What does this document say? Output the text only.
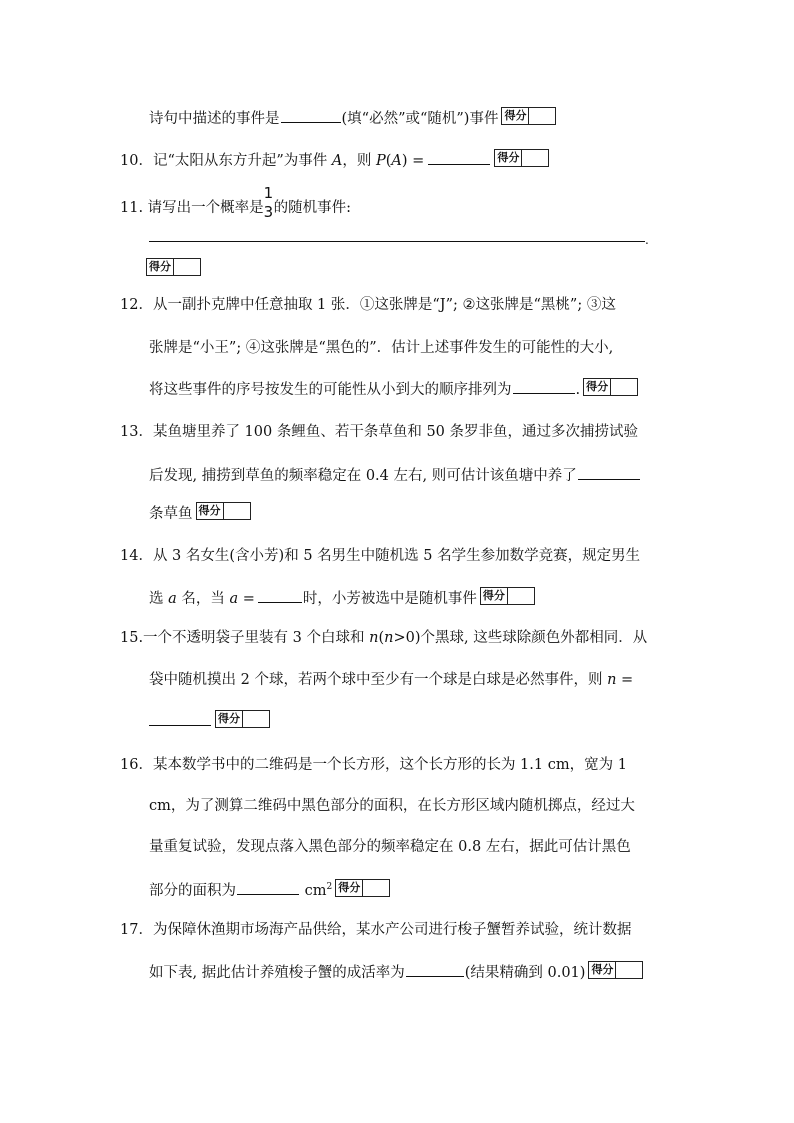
诗句中描述的事件是	(填“必然”或“随机”)事件 得分
10．记“太阳从东方升起”为事件 A，则 P(A) =	得分
11. 请写出一个概率是
1
3 的随机事件:
.
得分
12．从一副扑克牌中任意抽取 1 张．①这张牌是“J”; ②这张牌是“黑桃”; ③这
张牌是“小王”; ④这张牌是“黑色的”．估计上述事件发生的可能性的大小,
将这些事件的序号按发生的可能性从小到大的顺序排列为	. 得分
13．某鱼塘里养了 100 条鲤鱼、若干条草鱼和 50 条罗非鱼，通过多次捕捞试验
后发现, 捕捞到草鱼的频率稳定在 0.4 左右, 则可估计该鱼塘中养了
条草鱼 得分
14．从 3 名女生(含小芳)和 5 名男生中随机选 5 名学生参加数学竞赛，规定男生
选 a 名，当 a =	时，小芳被选中是随机事件 得分
15.一个不透明袋子里装有 3 个白球和 n(n>0)个黑球, 这些球除颜色外都相同．从
袋中随机摸出 2 个球，若两个球中至少有一个球是白球是必然事件，则 n =
得分
16．某本数学书中的二维码是一个长方形，这个长方形的长为 1.1 cm，宽为 1
cm，为了测算二维码中黑色部分的面积，在长方形区域内随机掷点，经过大
量重复试验，发现点落入黑色部分的频率稳定在 0.8 左右，据此可估计黑色
部分的面积为	$cm^2$ 得分
17．为保障休渔期市场海产品供给，某水产公司进行梭子蟹暂养试验，统计数据
如下表, 据此估计养殖梭子蟹的成活率为	(结果精确到 0.01) 得分
